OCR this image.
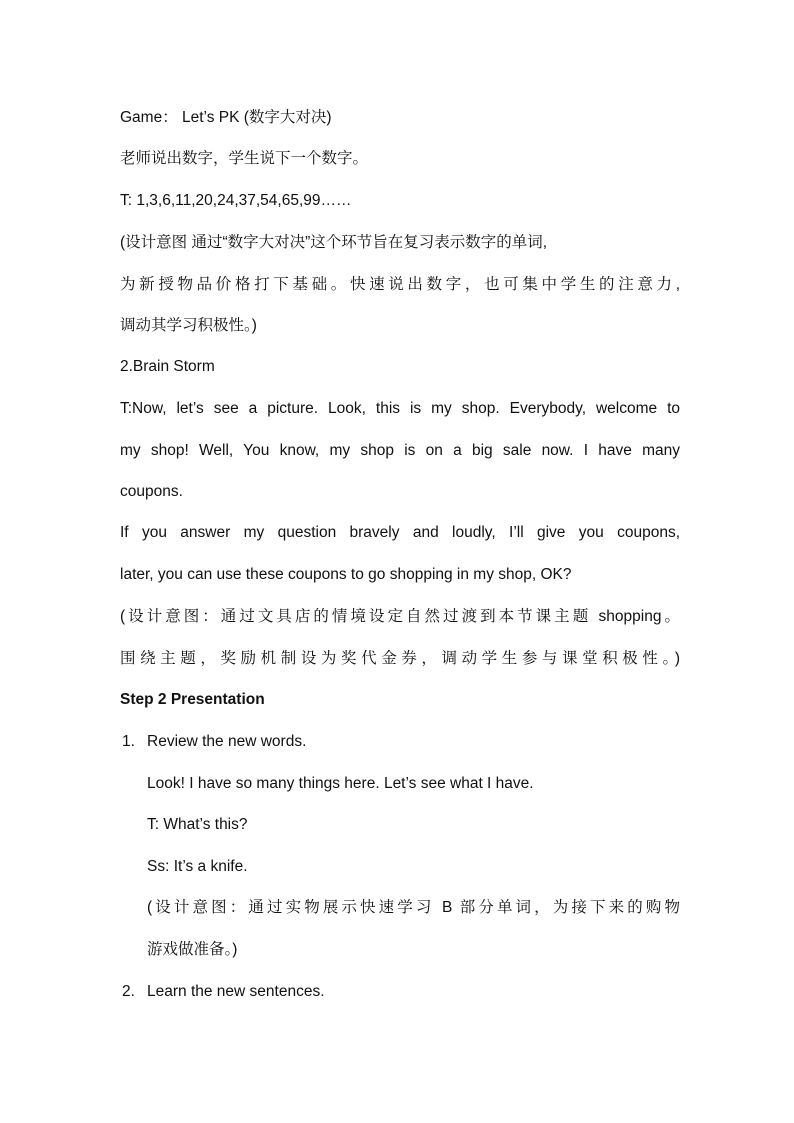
Game： Let’s PK (数字大对决)
老师说出数字，学生说下一个数字。
T: 1,3,6,11,20,24,37,54,65,99……
(设计意图 通过“数字大对决”这个环节旨在复习表示数字的单词,
为新授物品价格打下基础。快速说出数字，也可集中学生的注意力,
调动其学习积极性。)
2.Brain Storm
T:Now, let’s see a picture. Look, this is my shop. Everybody, welcome to
my shop! Well, You know, my shop is on a big sale now. I have many
coupons.
If you answer my question bravely and loudly, I’ll give you coupons,
later, you can use these coupons to go shopping in my shop, OK?
(设计意图：通过文具店的情境设定自然过渡到本节课主题 shopping。
围绕主题，奖励机制设为奖代金券，调动学生参与课堂积极性。)
Step 2 Presentation
1. Review the new words.
Look! I have so many things here. Let’s see what I have.
T: What’s this?
Ss: It’s a knife.
(设计意图：通过实物展示快速学习 B 部分单词，为接下来的购物
游戏做准备。)
2. Learn the new sentences.
